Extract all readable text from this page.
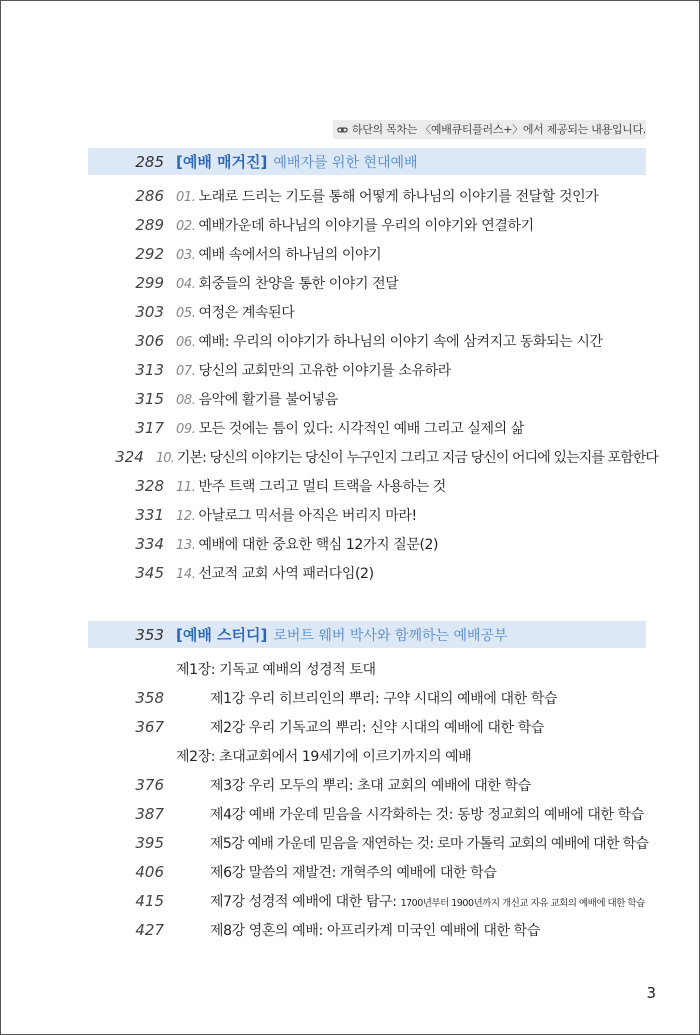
하단의 목차는 〈예배큐티플러스+〉에서 제공되는 내용입니다.
285 [예배 매거진] 예배자를 위한 현대예배
286 01. 노래로 드리는 기도를 통해 어떻게 하나님의 이야기를 전달할 것인가
289 02. 예배가운데 하나님의 이야기를 우리의 이야기와 연결하기
292 03. 예배 속에서의 하나님의 이야기
299 04. 회중들의 찬양을 통한 이야기 전달
303 05. 여정은 계속된다
306 06. 예배: 우리의 이야기가 하나님의 이야기 속에 삼켜지고 동화되는 시간
313 07. 당신의 교회만의 고유한 이야기를 소유하라
315 08. 음악에 활기를 불어넣음
317 09. 모든 것에는 틈이 있다: 시각적인 예배 그리고 실제의 삶
324 10. 기본: 당신의 이야기는 당신이 누구인지 그리고 지금 당신이 어디에 있는지를 포함한다
328 11. 반주 트랙 그리고 멀티 트랙을 사용하는 것
331 12. 아날로그 믹서를 아직은 버리지 마라!
334 13. 예배에 대한 중요한 핵심 12가지 질문(2)
345 14. 선교적 교회 사역 패러다임(2)
353 [예배 스터디] 로버트 웨버 박사와 함께하는 예배공부
제1장: 기독교 예배의 성경적 토대
358	제1강 우리 히브리인의 뿌리: 구약 시대의 예배에 대한 학습
367	제2강 우리 기독교의 뿌리: 신약 시대의 예배에 대한 학습
제2장: 초대교회에서 19세기에 이르기까지의 예배
376	제3강 우리 모두의 뿌리: 초대 교회의 예배에 대한 학습
387	제4강 예배 가운데 믿음을 시각화하는 것: 동방 정교회의 예배에 대한 학습
395	제5강 예배 가운데 믿음을 재연하는 것: 로마 가톨릭 교회의 예배에 대한 학습
406	제6강 말씀의 재발견: 개혁주의 예배에 대한 학습
415	제7강 성경적 예배에 대한 탐구: 1700년부터 1900년까지 개신교 자유 교회의 예배에 대한 학습
427	제8강 영혼의 예배: 아프리카계 미국인 예배에 대한 학습
3
